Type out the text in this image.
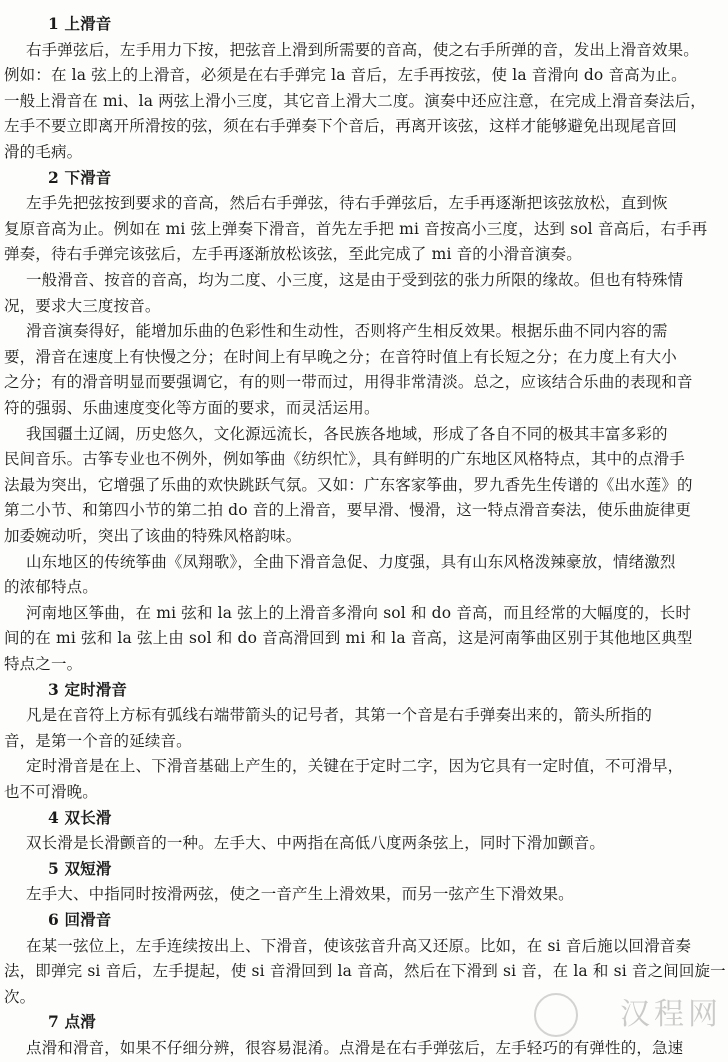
1 上滑音
右手弹弦后，左手用力下按，把弦音上滑到所需要的音高，使之右手所弹的音，发出上滑音效果。
例如：在 la 弦上的上滑音，必须是在右手弹完 la 音后，左手再按弦，使 la 音滑向 do 音高为止。
一般上滑音在 mi、la 两弦上滑小三度，其它音上滑大二度。演奏中还应注意，在完成上滑音奏法后，
左手不要立即离开所滑按的弦，须在右手弹奏下个音后，再离开该弦，这样才能够避免出现尾音回
滑的毛病。
2 下滑音
左手先把弦按到要求的音高，然后右手弹弦，待右手弹弦后，左手再逐渐把该弦放松，直到恢
复原音高为止。例如在 mi 弦上弹奏下滑音，首先左手把 mi 音按高小三度，达到 sol 音高后，右手再
弹奏，待右手弹完该弦后，左手再逐渐放松该弦，至此完成了 mi 音的小滑音演奏。
一般滑音、按音的音高，均为二度、小三度，这是由于受到弦的张力所限的缘故。但也有特殊情
况，要求大三度按音。
滑音演奏得好，能增加乐曲的色彩性和生动性，否则将产生相反效果。根据乐曲不同内容的需
要，滑音在速度上有快慢之分；在时间上有早晚之分；在音符时值上有长短之分；在力度上有大小
之分；有的滑音明显而要强调它，有的则一带而过，用得非常清淡。总之，应该结合乐曲的表现和音
符的强弱、乐曲速度变化等方面的要求，而灵活运用。
我国疆土辽阔，历史悠久，文化源远流长，各民族各地域，形成了各自不同的极其丰富多彩的
民间音乐。古筝专业也不例外，例如筝曲《纺织忙》，具有鲜明的广东地区风格特点，其中的点滑手
法最为突出，它增强了乐曲的欢快跳跃气氛。又如：广东客家筝曲，罗九香先生传谱的《出水莲》的
第二小节、和第四小节的第二拍 do 音的上滑音，要早滑、慢滑，这一特点滑音奏法，使乐曲旋律更
加委婉动听，突出了该曲的特殊风格韵味。
山东地区的传统筝曲《凤翔歌》，全曲下滑音急促、力度强，具有山东风格泼辣豪放，情绪激烈
的浓郁特点。
河南地区筝曲，在 mi 弦和 la 弦上的上滑音多滑向 sol 和 do 音高，而且经常的大幅度的，长时
间的在 mi 弦和 la 弦上由 sol 和 do 音高滑回到 mi 和 la 音高，这是河南筝曲区别于其他地区典型
特点之一。
3 定时滑音
凡是在音符上方标有弧线右端带箭头的记号者，其第一个音是右手弹奏出来的，箭头所指的
音，是第一个音的延续音。
定时滑音是在上、下滑音基础上产生的，关键在于定时二字，因为它具有一定时值，不可滑早，
也不可滑晚。
4 双长滑
双长滑是长滑颤音的一种。左手大、中两指在高低八度两条弦上，同时下滑加颤音。
5 双短滑
左手大、中指同时按滑两弦，使之一音产生上滑效果，而另一弦产生下滑效果。
6 回滑音
在某一弦位上，左手连续按出上、下滑音，使该弦音升高又还原。比如，在 si 音后施以回滑音奏
法，即弹完 si 音后，左手提起，使 si 音滑回到 la 音高，然后在下滑到 si 音，在 la 和 si 音之间回旋一
次。
7 点滑
点滑和滑音，如果不仔细分辨，很容易混淆。点滑是在右手弹弦后，左手轻巧的有弹性的，急速
汉程网
